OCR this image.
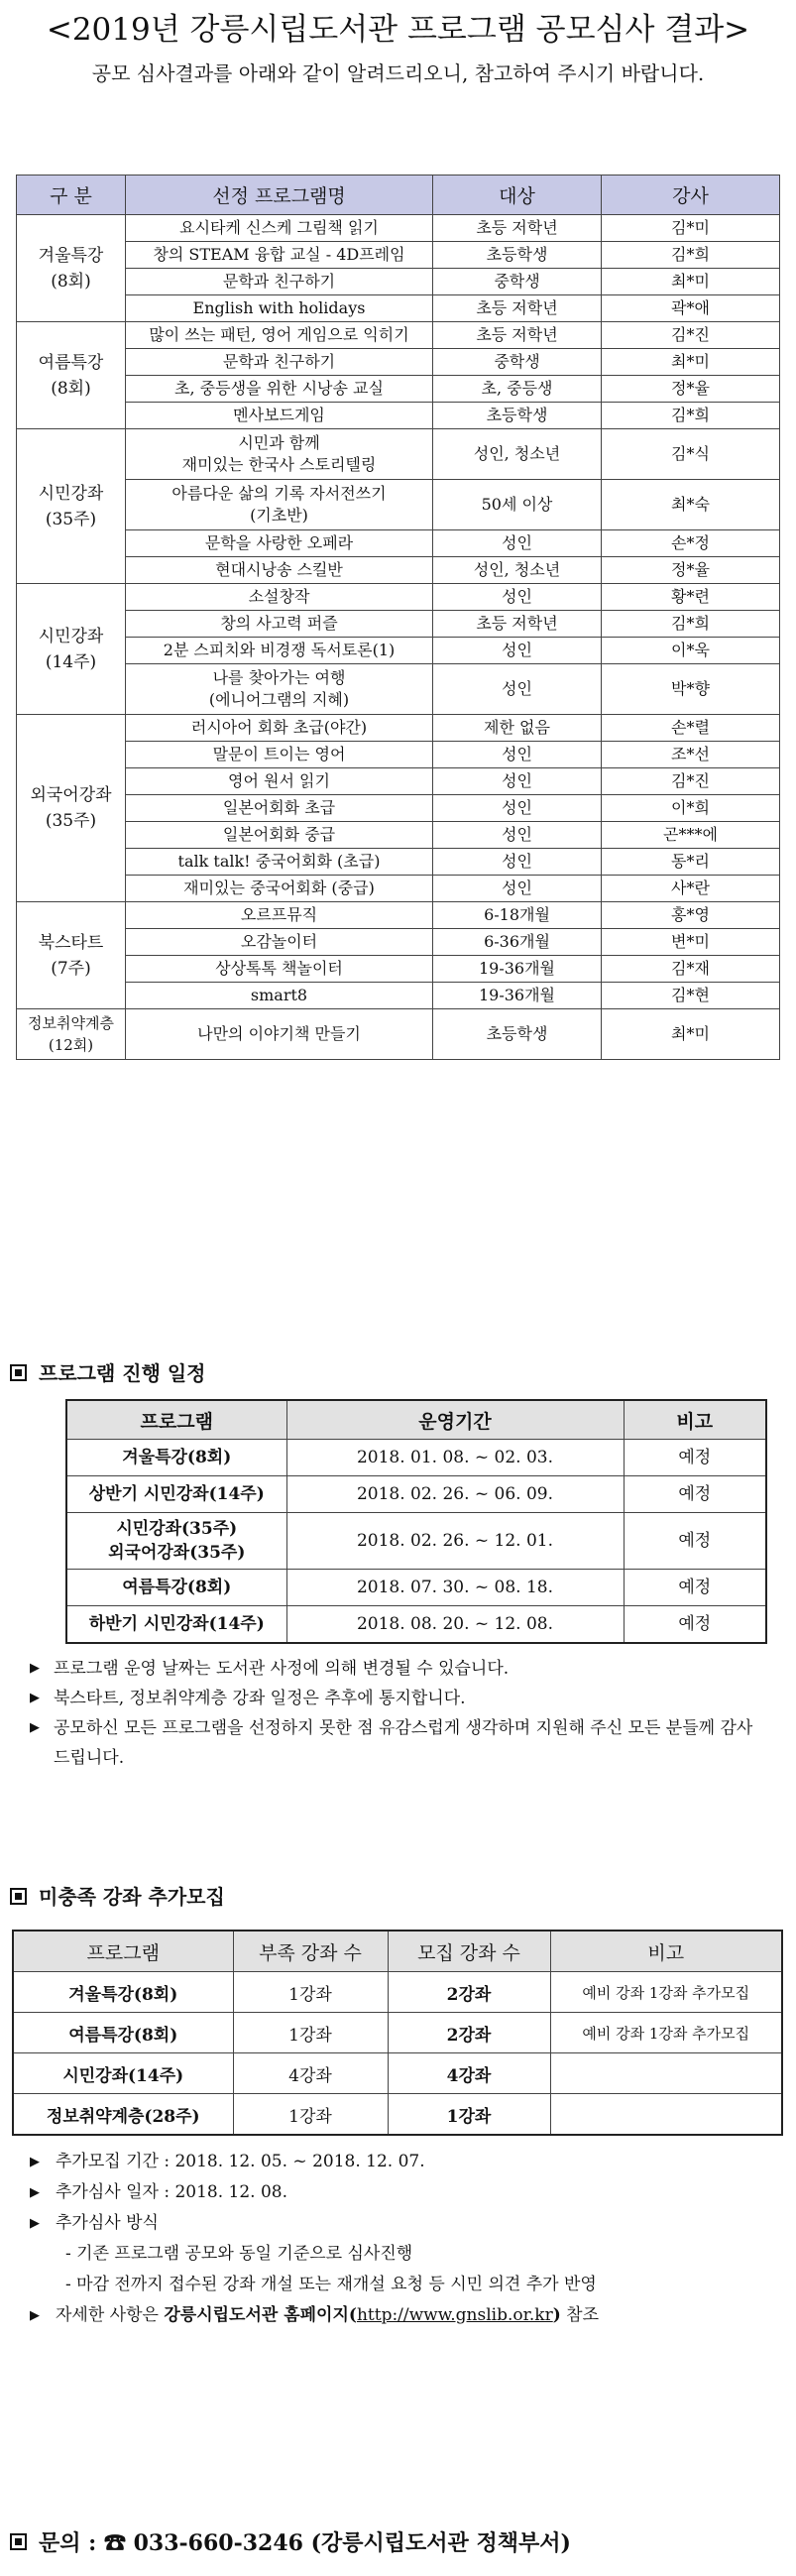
<2019년 강릉시립도서관 프로그램 공모심사 결과>
공모 심사결과를 아래와 같이 알려드리오니, 참고하여 주시기 바랍니다.
구 분	선정 프로그램명	대상	강사
겨울특강
(8회)	요시타케 신스케 그림책 읽기	초등 저학년	김*미
	창의 STEAM 융합 교실 - 4D프레임	초등학생	김*희
	문학과 친구하기	중학생	최*미
	English with holidays	초등 저학년	곽*애
여름특강
(8회)	많이 쓰는 패턴, 영어 게임으로 익히기	초등 저학년	김*진
	문학과 친구하기	중학생	최*미
	초, 중등생을 위한 시낭송 교실	초, 중등생	정*율
	멘사보드게임	초등학생	김*희
시민강좌
(35주)	시민과 함께
재미있는 한국사 스토리텔링	성인, 청소년	김*식
	아름다운 삶의 기록 자서전쓰기
(기초반)	50세 이상	최*숙
	문학을 사랑한 오페라	성인	손*정
	현대시낭송 스킬반	성인, 청소년	정*율
시민강좌
(14주)	소설창작	성인	황*련
	창의 사고력 퍼즐	초등 저학년	김*희
	2분 스피치와 비경쟁 독서토론(1)	성인	이*욱
	나를 찾아가는 여행
(에니어그램의 지혜)	성인	박*향
외국어강좌
(35주)	러시아어 회화 초급(야간)	제한 없음	손*렬
	말문이 트이는 영어	성인	조*선
	영어 원서 읽기	성인	김*진
	일본어회화 초급	성인	이*희
	일본어회화 중급	성인	곤***에
	talk talk! 중국어회화 (초급)	성인	동*리
	재미있는 중국어회화 (중급)	성인	사*란
북스타트
(7주)	오르프뮤직	6-18개월	홍*영
	오감놀이터	6-36개월	변*미
	상상톡톡 책놀이터	19-36개월	김*재
	smart8	19-36개월	김*현
정보취약계층
(12회)	나만의 이야기책 만들기	초등학생	최*미
프로그램 진행 일정
프로그램	운영기간	비고
겨울특강(8회)	2018. 01. 08. ~ 02. 03.	예정
상반기 시민강좌(14주)	2018. 02. 26. ~ 06. 09.	예정
시민강좌(35주)
외국어강좌(35주)	2018. 02. 26. ~ 12. 01.	예정
여름특강(8회)	2018. 07. 30. ~ 08. 18.	예정
하반기 시민강좌(14주)	2018. 08. 20. ~ 12. 08.	예정
▶ 프로그램 운영 날짜는 도서관 사정에 의해 변경될 수 있습니다.
▶ 북스타트, 정보취약계층 강좌 일정은 추후에 통지합니다.
▶ 공모하신 모든 프로그램을 선정하지 못한 점 유감스럽게 생각하며 지원해 주신 모든 분들께 감사드립니다.
미충족 강좌 추가모집
프로그램	부족 강좌 수	모집 강좌 수	비고
겨울특강(8회)	1강좌	2강좌	예비 강좌 1강좌 추가모집
여름특강(8회)	1강좌	2강좌	예비 강좌 1강좌 추가모집
시민강좌(14주)	4강좌	4강좌	
정보취약계층(28주)	1강좌	1강좌	
▶ 추가모집 기간 : 2018. 12. 05. ~ 2018. 12. 07.
▶ 추가심사 일자 : 2018. 12. 08.
▶ 추가심사 방식
- 기존 프로그램 공모와 동일 기준으로 심사진행
- 마감 전까지 접수된 강좌 개설 또는 재개설 요청 등 시민 의견 추가 반영
▶ 자세한 사항은 강릉시립도서관 홈페이지(http://www.gnslib.or.kr) 참조
문의 : ☎ 033-660-3246 (강릉시립도서관 정책부서)
